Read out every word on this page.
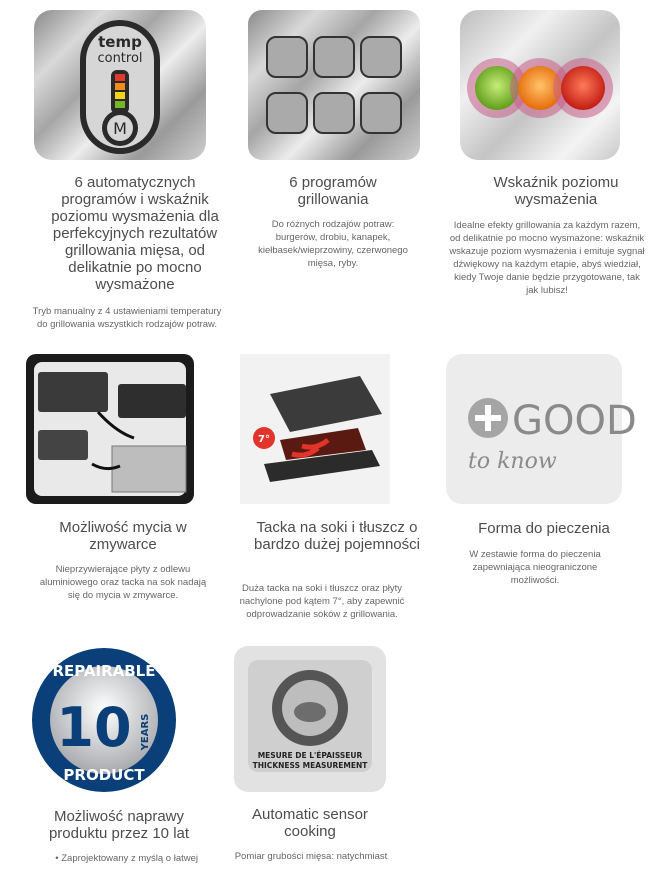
temp
control
M

6 automatycznych programów i wskaźnik poziomu wysmażenia dla perfekcyjnych rezultatów grillowania mięsa, od delikatnie po mocno wysmażone

Tryb manualny z 4 ustawieniami temperatury do grillowania wszystkich rodzajów potraw.

6 programów grillowania

Do różnych rodzajów potraw: burgerów, drobiu, kanapek, kiełbasek/wieprzowiny, czerwonego mięsa, ryby.

Wskaźnik poziomu wysmażenia

Idealne efekty grillowania za każdym razem, od delikatnie po mocno wysmażone: wskaźnik wskazuje poziom wysmażenia i emituje sygnał dźwiękowy na każdym etapie, abyś wiedział, kiedy Twoje danie będzie przygotowane, tak jak lubisz!

Możliwość mycia w zmywarce

Nieprzywierające płyty z odlewu aluminiowego oraz tacka na sok nadają się do mycia w zmywarce.

7°

Tacka na soki i tłuszcz o bardzo dużej pojemności

Duża tacka na soki i tłuszcz oraz płyty nachylone pod kątem 7°, aby zapewnić odprowadzanie soków z grillowania.

GOOD
to know

Forma do pieczenia

W zestawie forma do pieczenia zapewniająca nieograniczone możliwości.

REPAIRABLE
10 YEARS
PRODUCT

Możliwość naprawy produktu przez 10 lat

• Zaprojektowany z myślą o łatwej

MESURE DE L'ÉPAISSEUR
THICKNESS MEASUREMENT

Automatic sensor cooking

Pomiar grubości mięsa: natychmiast
